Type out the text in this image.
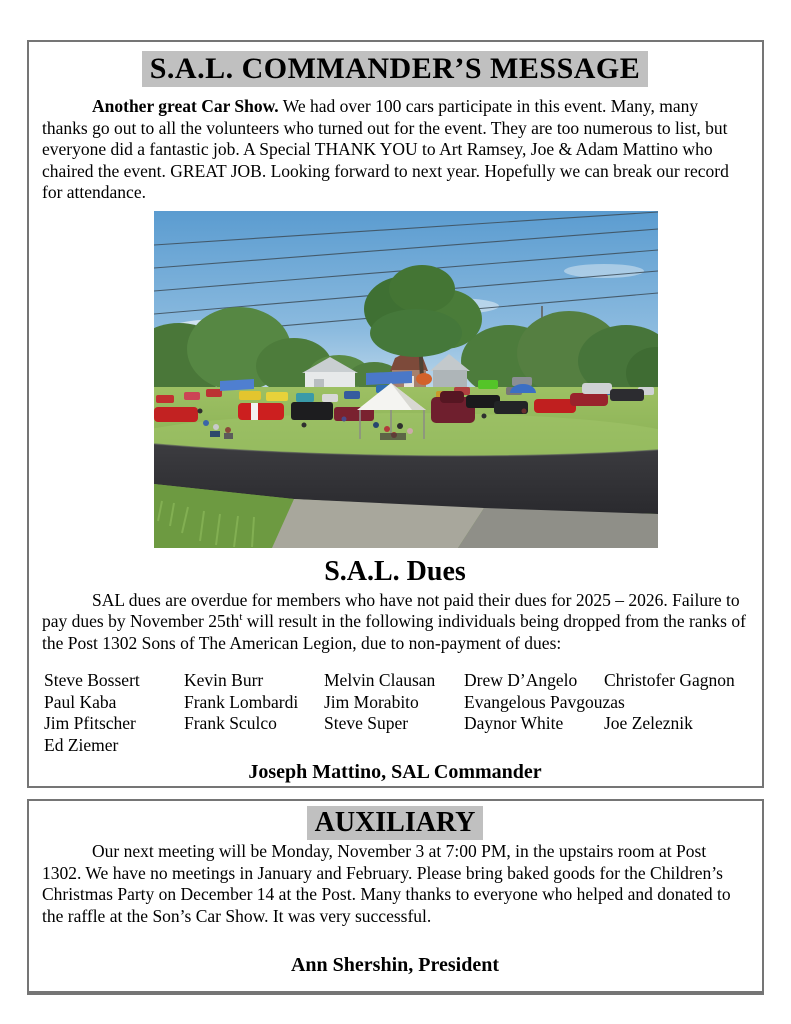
S.A.L. COMMANDER’S MESSAGE

Another great Car Show. We had over 100 cars participate in this event. Many, many thanks go out to all the volunteers who turned out for the event. They are too numerous to list, but everyone did a fantastic job. A Special THANK YOU to Art Ramsey, Joe & Adam Mattino who chaired the event. GREAT JOB. Looking forward to next year. Hopefully we can break our record for attendance.

S.A.L. Dues

SAL dues are overdue for members who have not paid their dues for 2025 – 2026. Failure to pay dues by November $25th^t$ will result in the following individuals being dropped from the ranks of the Post 1302 Sons of The American Legion, due to non-payment of dues:

Steve Bossert	Kevin Burr	Melvin Clausan	Drew D’Angelo	Christofer Gagnon
Paul Kaba	Frank Lombardi	Jim Morabito	Evangelous Pavgouzas
Jim Pfitscher	Frank Sculco	Steve Super	Daynor White	Joe Zeleznik
Ed Ziemer
Joseph Mattino, SAL Commander
AUXILIARY

Our next meeting will be Monday, November 3 at 7:00 PM, in the upstairs room at Post 1302. We have no meetings in January and February. Please bring baked goods for the Children’s Christmas Party on December 14 at the Post. Many thanks to everyone who helped and donated to the raffle at the Son’s Car Show. It was very successful.

Ann Shershin, President
